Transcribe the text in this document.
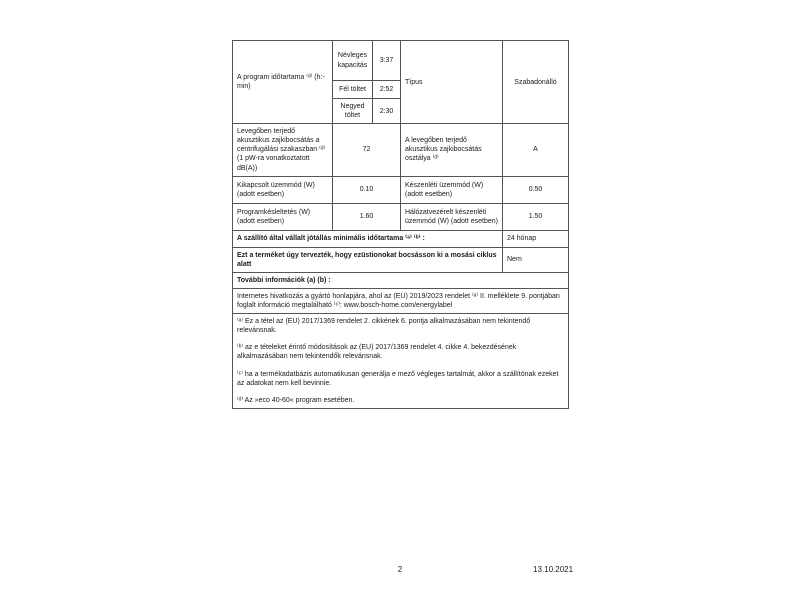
A program időtartama ⁽ᵈ⁾ (h:-min)	Névleges kapacitás	3:37	Típus	Szabadonálló
	Fél töltet	2:52		
	Negyed töltet	2:30		
Levegőben terjedő akusztikus zajkibocsátás a centrifugálási szakaszban ⁽ᵈ⁾ (1 pW-ra vonatkoztatott dB(A))	72		A levegőben terjedő akusztikus zajkibocsátás osztálya ⁽ᵈ⁾	A
Kikapcsolt üzemmód (W) (adott esetben)	0.10		Készenléti üzemmód (W) (adott esetben)	0.50
Programkésleltetés (W) (adott esetben)	1.60		Hálózatvezérelt készenléti üzemmód (W) (adott esetben)	1.50
A szállító által vállalt jótállás minimális időtartama ⁽ᵃ⁾ ⁽ᵇ⁾ :				24 hónap
Ezt a terméket úgy tervezték, hogy ezüstionokat bocsásson ki a mosási ciklus alatt				Nem
További információk (a) (b) :				
Internetes hivatkozás a gyártó honlapjára, ahol az (EU) 2019/2023 rendelet ⁽ᵃ⁾ II. melléklete 9. pontjában foglalt információ megtalálható ⁽ᶜ⁾: www.bosch-home.com/energylabel				

⁽ᵃ⁾ Ez a tétel az (EU) 2017/1369 rendelet 2. cikkének 6. pontja alkalmazásában nem tekintendő relevánsnak.

⁽ᵇ⁾ az e tételeket érintő módosítások az (EU) 2017/1369 rendelet 4. cikke 4. bekezdésének alkalmazásában nem tekintendők relevánsnak.

⁽ᶜ⁾ ha a termékadatbázis automatikusan generálja e mező végleges tartalmát, akkor a szállítónak ezeket az adatokat nem kell bevinnie.

⁽ᵈ⁾ Az »eco 40-60« program esetében.				

2	13.10.2021
